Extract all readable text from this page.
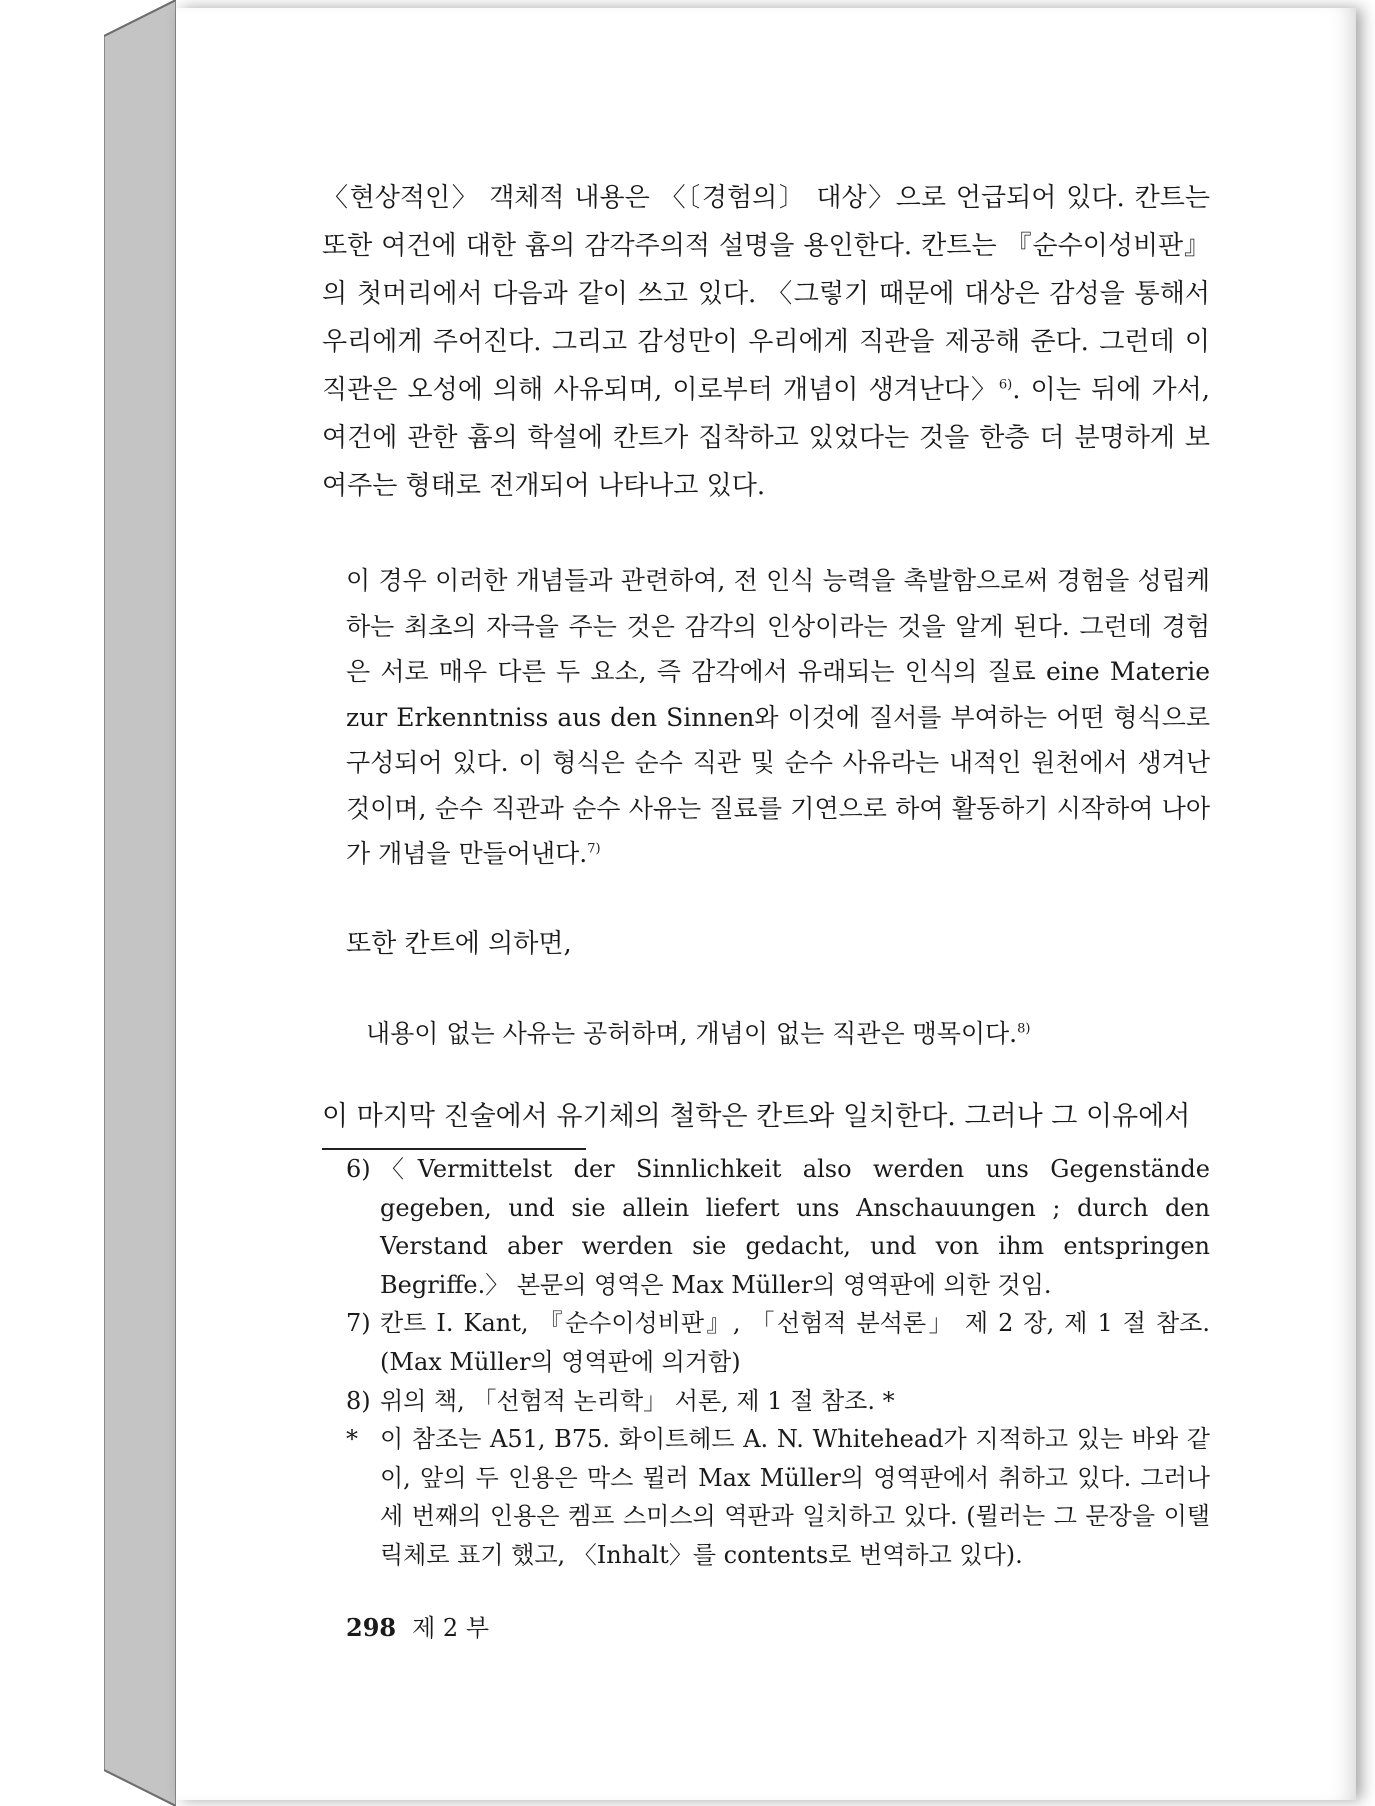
〈현상적인〉 객체적 내용은 〈〔경험의〕 대상〉으로 언급되어 있다. 칸트는 또한 여건에 대한 흄의 감각주의적 설명을 용인한다. 칸트는 『순수이성비판』의 첫머리에서 다음과 같이 쓰고 있다. 〈그렇기 때문에 대상은 감성을 통해서 우리에게 주어진다. 그리고 감성만이 우리에게 직관을 제공해 준다. 그런데 이 직관은 오성에 의해 사유되며, 이로부터 개념이 생겨난다〉$^{6)}$. 이는 뒤에 가서, 여건에 관한 흄의 학설에 칸트가 집착하고 있었다는 것을 한층 더 분명하게 보여주는 형태로 전개되어 나타나고 있다.

이 경우 이러한 개념들과 관련하여, 전 인식 능력을 촉발함으로써 경험을 성립케 하는 최초의 자극을 주는 것은 감각의 인상이라는 것을 알게 된다. 그런데 경험은 서로 매우 다른 두 요소, 즉 감각에서 유래되는 인식의 질료 eine Materie zur Erkenntniss aus den Sinnen와 이것에 질서를 부여하는 어떤 형식으로 구성되어 있다. 이 형식은 순수 직관 및 순수 사유라는 내적인 원천에서 생겨난 것이며, 순수 직관과 순수 사유는 질료를 기연으로 하여 활동하기 시작하여 나아가 개념을 만들어낸다.$^{7)}$

또한 칸트에 의하면,

내용이 없는 사유는 공허하며, 개념이 없는 직관은 맹목이다.$^{8)}$

이 마지막 진술에서 유기체의 철학은 칸트와 일치한다. 그러나 그 이유에서

6) 〈Vermittelst der Sinnlichkeit also werden uns Gegenstände gegeben, und sie allein liefert uns Anschauungen ; durch den Verstand aber werden sie gedacht, und von ihm entspringen Begriffe.〉 본문의 영역은 Max Müller의 영역판에 의한 것임.
7) 칸트 I. Kant, 『순수이성비판』, 「선험적 분석론」 제 2 장, 제 1 절 참조. (Max Müller의 영역판에 의거함)
8) 위의 책, 「선험적 논리학」 서론, 제 1 절 참조. *
* 이 참조는 A51, B75. 화이트헤드 A. N. Whitehead가 지적하고 있는 바와 같이, 앞의 두 인용은 막스 뮐러 Max Müller의 영역판에서 취하고 있다. 그러나 세 번째의 인용은 켐프 스미스의 역판과 일치하고 있다. (뮐러는 그 문장을 이탤릭체로 표기 했고, 〈Inhalt〉를 contents로 번역하고 있다).

298 제 2 부
